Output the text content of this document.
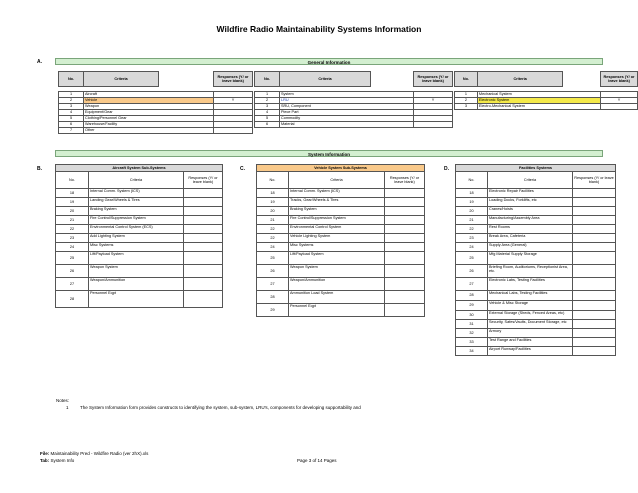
Wildfire Radio Maintainability Systems Information
A.	General Information
No.	Criteria		Responses (Y/ or leave blank)

1	Aircraft		
2	Vehicle		Y
3	Weapon		
4	Equipment/Gear		
5	Clothing/Personnel Gear		
6	Warehouse/Facility		
7	Other		
No.	Criteria		Responses (Y/ or leave blank)

1	System		
2	LRU		Y
3	SRU, Component		
4	Piece Part		
5	Commodity		
6	Material		
No.	Criteria		Responses (Y/ or leave blank)

1	Mechanical System		
2	Electronic System		Y
3	Electro-Mechanical System		
System Information
B.	C.	D.
Aircraft System Sub-Systems		
No.	Criteria	Responses (Y/ or leave blank)
18	Internal Comm. System (ICS)	
19	Landing Gear/Wheels & Tires	
20	Braking System	
21	Fire Control/Suppression System	
22	Environmental Control System (ECS)	
23	Add Lighting System	
24	Misc Systems	
25	Lift/Payload System	
26	Weapon System	
27	Weapon/Ammunition	
28	Personnel Eqpt	
Vehicle System Sub-Systems		
No.	Criteria	Responses (Y/ or leave blank)
18	Internal Comm. System (ICS)	
19	Tracks, Gear/Wheels & Tires	
20	Braking System	
21	Fire Control/Suppression System	
22	Environmental Control System	
22	Vehicle Lighting System	
24	Misc Systems	
25	Lift/Payload System	
26	Weapon System	
27	Weapon/Ammunition	
28	Ammunition Load System	
29	Personnel Eqpt	
Facilities Systems		
No.	Criteria	Responses (Y/ or leave blank)
18	Electronic Repair Facilities	
19	Loading Docks, Forklifts, etc	
20	Cranes/Hoists	
21	Manufacturing/Assembly Area	
22	Rest Rooms	
23	Break Area, Cafeteria	
24	Supply Area (General)	
25	Mfg Material Supply Storage	
26	Briefing Room, Auditoriums, Receptionist Area, etc.	
27	Electronic Labs, Testing Facilities	
28	Mechanical Labs, Testing Facilities	
29	Vehicle & Misc Storage	
30	External Storage (Sheds, Fenced Areas, etc)	
31	Security, Safes/Vaults, Document Storage, etc	
32	Armory	
33	Test Range and Facilities	
34	Airport Runway/Facilities	
Notes:
1	The System Information form provides constructs to identifying the system, sub-system, LRU's, components for developing supportability and
File: Maintainability Pred - Wildfire Radio (ver 2hX).xls
Tab: System Info	Page 3 of 14 Pages
